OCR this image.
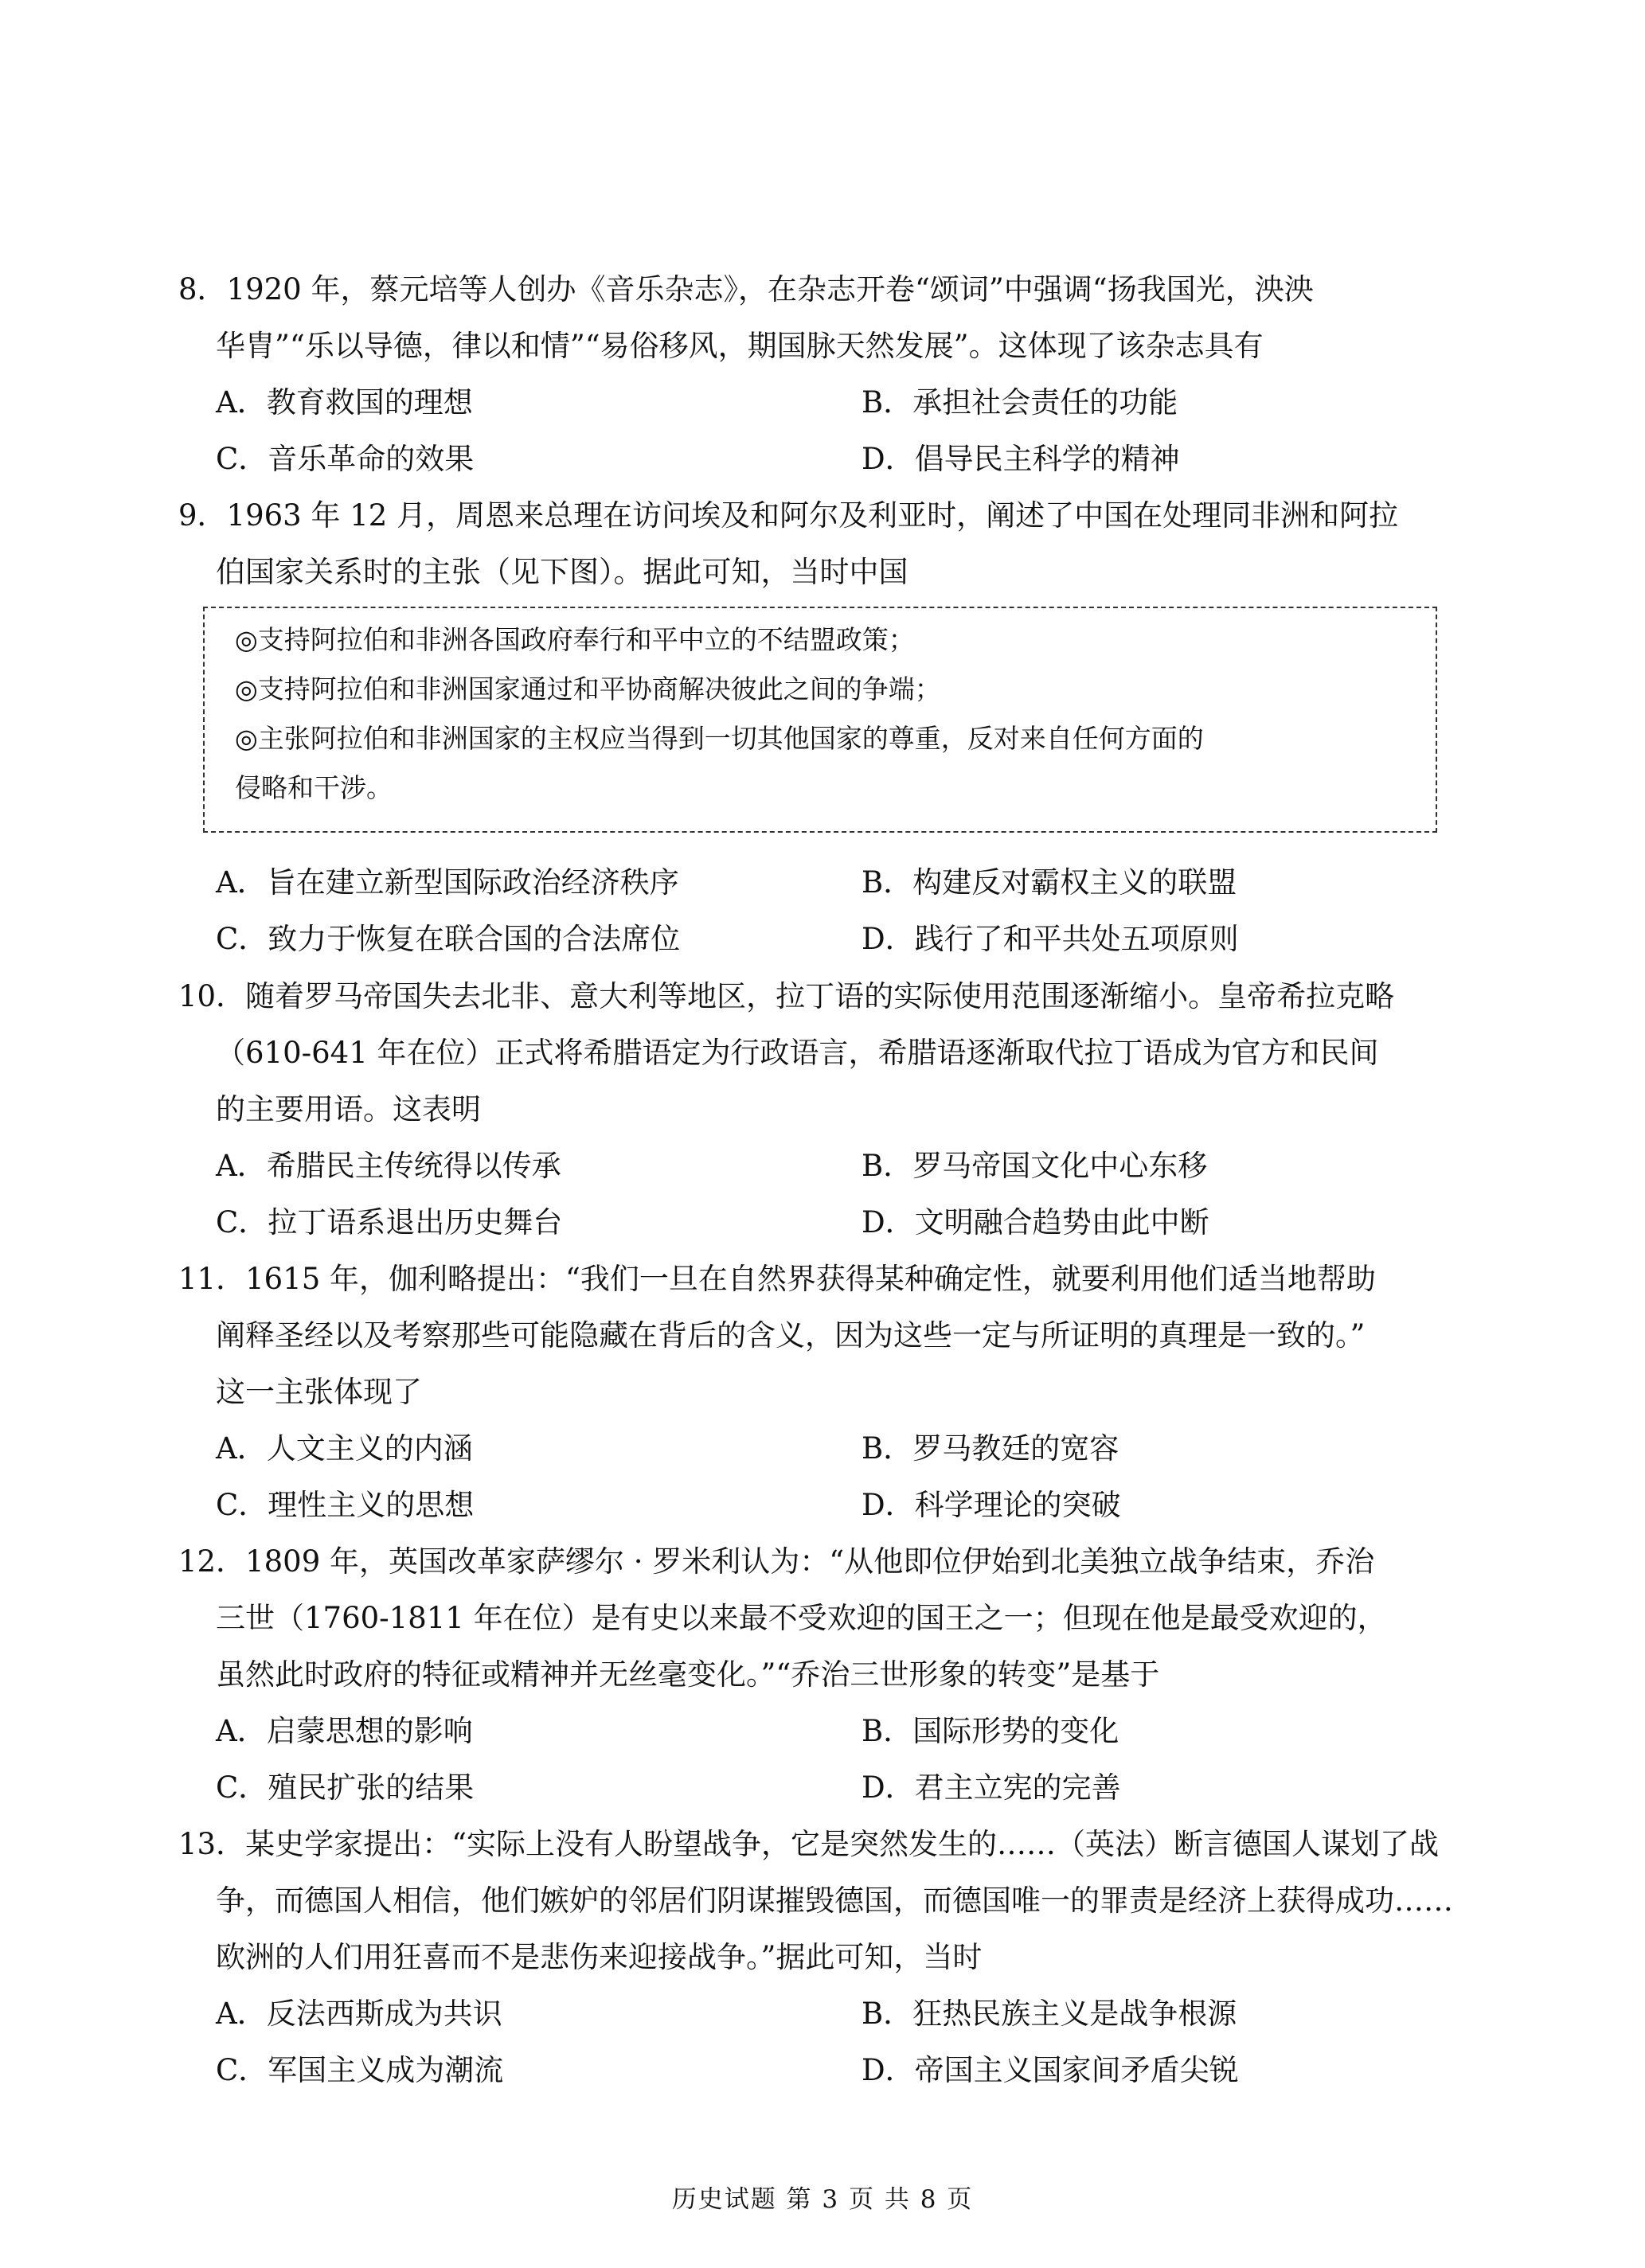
8．1920 年，蔡元培等人创办《音乐杂志》，在杂志开卷“颂词”中强调“扬我国光，泱泱
华胄”“乐以导德，律以和情”“易俗移风，期国脉天然发展”。这体现了该杂志具有
A．教育救国的理想	B．承担社会责任的功能
C．音乐革命的效果	D．倡导民主科学的精神
9．1963 年 12 月，周恩来总理在访问埃及和阿尔及利亚时，阐述了中国在处理同非洲和阿拉
伯国家关系时的主张（见下图）。据此可知，当时中国
◎支持阿拉伯和非洲各国政府奉行和平中立的不结盟政策；
◎支持阿拉伯和非洲国家通过和平协商解决彼此之间的争端；
◎主张阿拉伯和非洲国家的主权应当得到一切其他国家的尊重，反对来自任何方面的
侵略和干涉。
A．旨在建立新型国际政治经济秩序	B．构建反对霸权主义的联盟
C．致力于恢复在联合国的合法席位	D．践行了和平共处五项原则
10．随着罗马帝国失去北非、意大利等地区，拉丁语的实际使用范围逐渐缩小。皇帝希拉克略
（610-641 年在位）正式将希腊语定为行政语言，希腊语逐渐取代拉丁语成为官方和民间
的主要用语。这表明
A．希腊民主传统得以传承	B．罗马帝国文化中心东移
C．拉丁语系退出历史舞台	D．文明融合趋势由此中断
11．1615 年，伽利略提出：“我们一旦在自然界获得某种确定性，就要利用他们适当地帮助
阐释圣经以及考察那些可能隐藏在背后的含义，因为这些一定与所证明的真理是一致的。”
这一主张体现了
A．人文主义的内涵	B．罗马教廷的宽容
C．理性主义的思想	D．科学理论的突破
12．1809 年，英国改革家萨缪尔 · 罗米利认为：“从他即位伊始到北美独立战争结束，乔治
三世（1760-1811 年在位）是有史以来最不受欢迎的国王之一；但现在他是最受欢迎的，
虽然此时政府的特征或精神并无丝毫变化。”“乔治三世形象的转变”是基于
A．启蒙思想的影响	B．国际形势的变化
C．殖民扩张的结果	D．君主立宪的完善
13．某史学家提出：“实际上没有人盼望战争，它是突然发生的……（英法）断言德国人谋划了战
争，而德国人相信，他们嫉妒的邻居们阴谋摧毁德国，而德国唯一的罪责是经济上获得成功……
欧洲的人们用狂喜而不是悲伤来迎接战争。”据此可知，当时
A．反法西斯成为共识	B．狂热民族主义是战争根源
C．军国主义成为潮流	D．帝国主义国家间矛盾尖锐
历史试题 第 3 页 共 8 页
